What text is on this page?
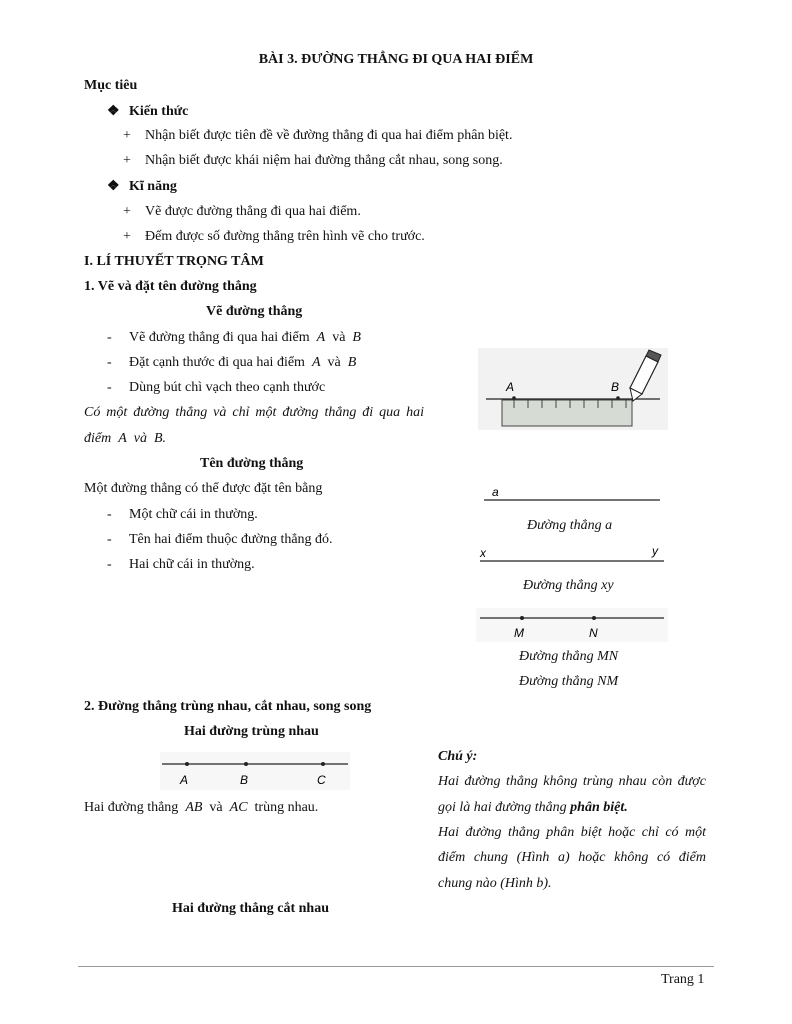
BÀI 3. ĐƯỜNG THẲNG ĐI QUA HAI ĐIỂM
Mục tiêu
❖ Kiến thức
+ Nhận biết được tiên đề về đường thẳng đi qua hai điểm phân biệt.
+ Nhận biết được khái niệm hai đường thẳng cắt nhau, song song.
❖ Kĩ năng
+ Vẽ được đường thẳng đi qua hai điểm.
+ Đếm được số đường thẳng trên hình vẽ cho trước.
I. LÍ THUYẾT TRỌNG TÂM
1. Vẽ và đặt tên đường thẳng
Vẽ đường thẳng
- Vẽ đường thẳng đi qua hai điểm A và B
- Đặt cạnh thước đi qua hai điểm A và B
- Dùng bút chì vạch theo cạnh thước
Có một đường thẳng và chỉ một đường thẳng đi qua hai
điểm A và B.
Tên đường thẳng
Một đường thẳng có thể được đặt tên bằng
- Một chữ cái in thường.
- Tên hai điểm thuộc đường thẳng đó.
- Hai chữ cái in thường.
A	B
a
Đường thẳng a
x	y
Đường thẳng xy
M	N
Đường thẳng MN
Đường thẳng NM
2. Đường thẳng trùng nhau, cắt nhau, song song
Hai đường trùng nhau
A	B	C
Hai đường thẳng AB và AC trùng nhau.
Chú ý:
Hai đường thẳng không trùng nhau còn được
gọi là hai đường thẳng phân biệt.
Hai đường thẳng phân biệt hoặc chỉ có một
điểm chung (Hình a) hoặc không có điểm
chung nào (Hình b).
Hai đường thẳng cắt nhau
Trang 1
